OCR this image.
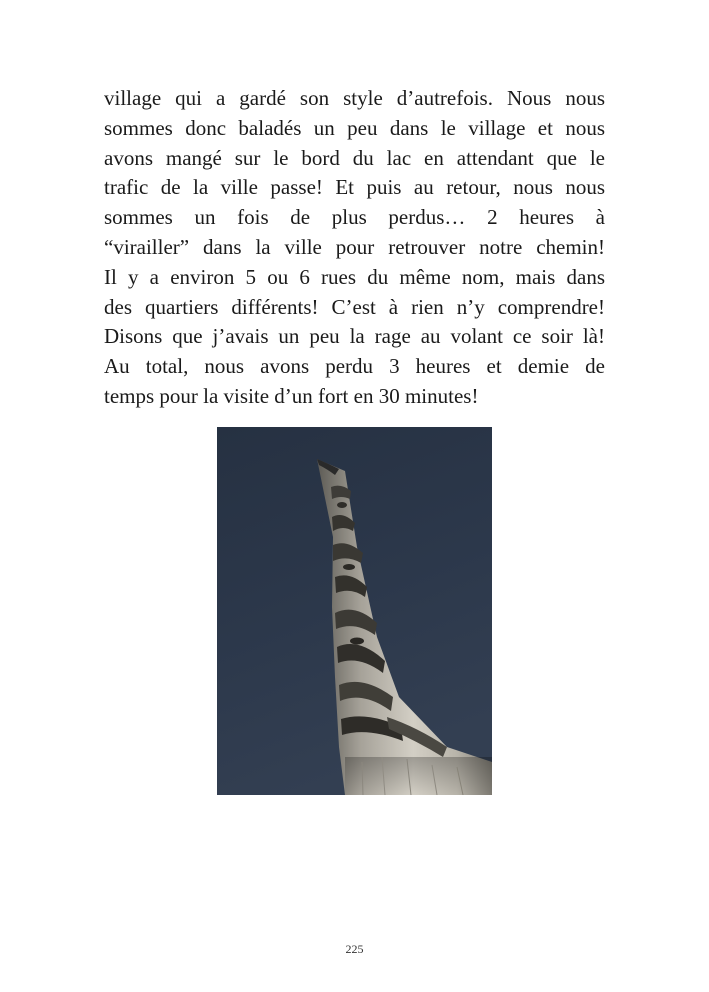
village qui a gardé son style d’autrefois. Nous nous
sommes donc baladés un peu dans le village et nous
avons mangé sur le bord du lac en attendant que le
trafic de la ville passe! Et puis au retour, nous nous
sommes un fois de plus perdus… 2 heures à
“virailler” dans la ville pour retrouver notre chemin!
Il y a environ 5 ou 6 rues du même nom, mais dans
des quartiers différents! C’est à rien n’y comprendre!
Disons que j’avais un peu la rage au volant ce soir là!
Au total, nous avons perdu 3 heures et demie de
temps pour la visite d’un fort en 30 minutes!
225
